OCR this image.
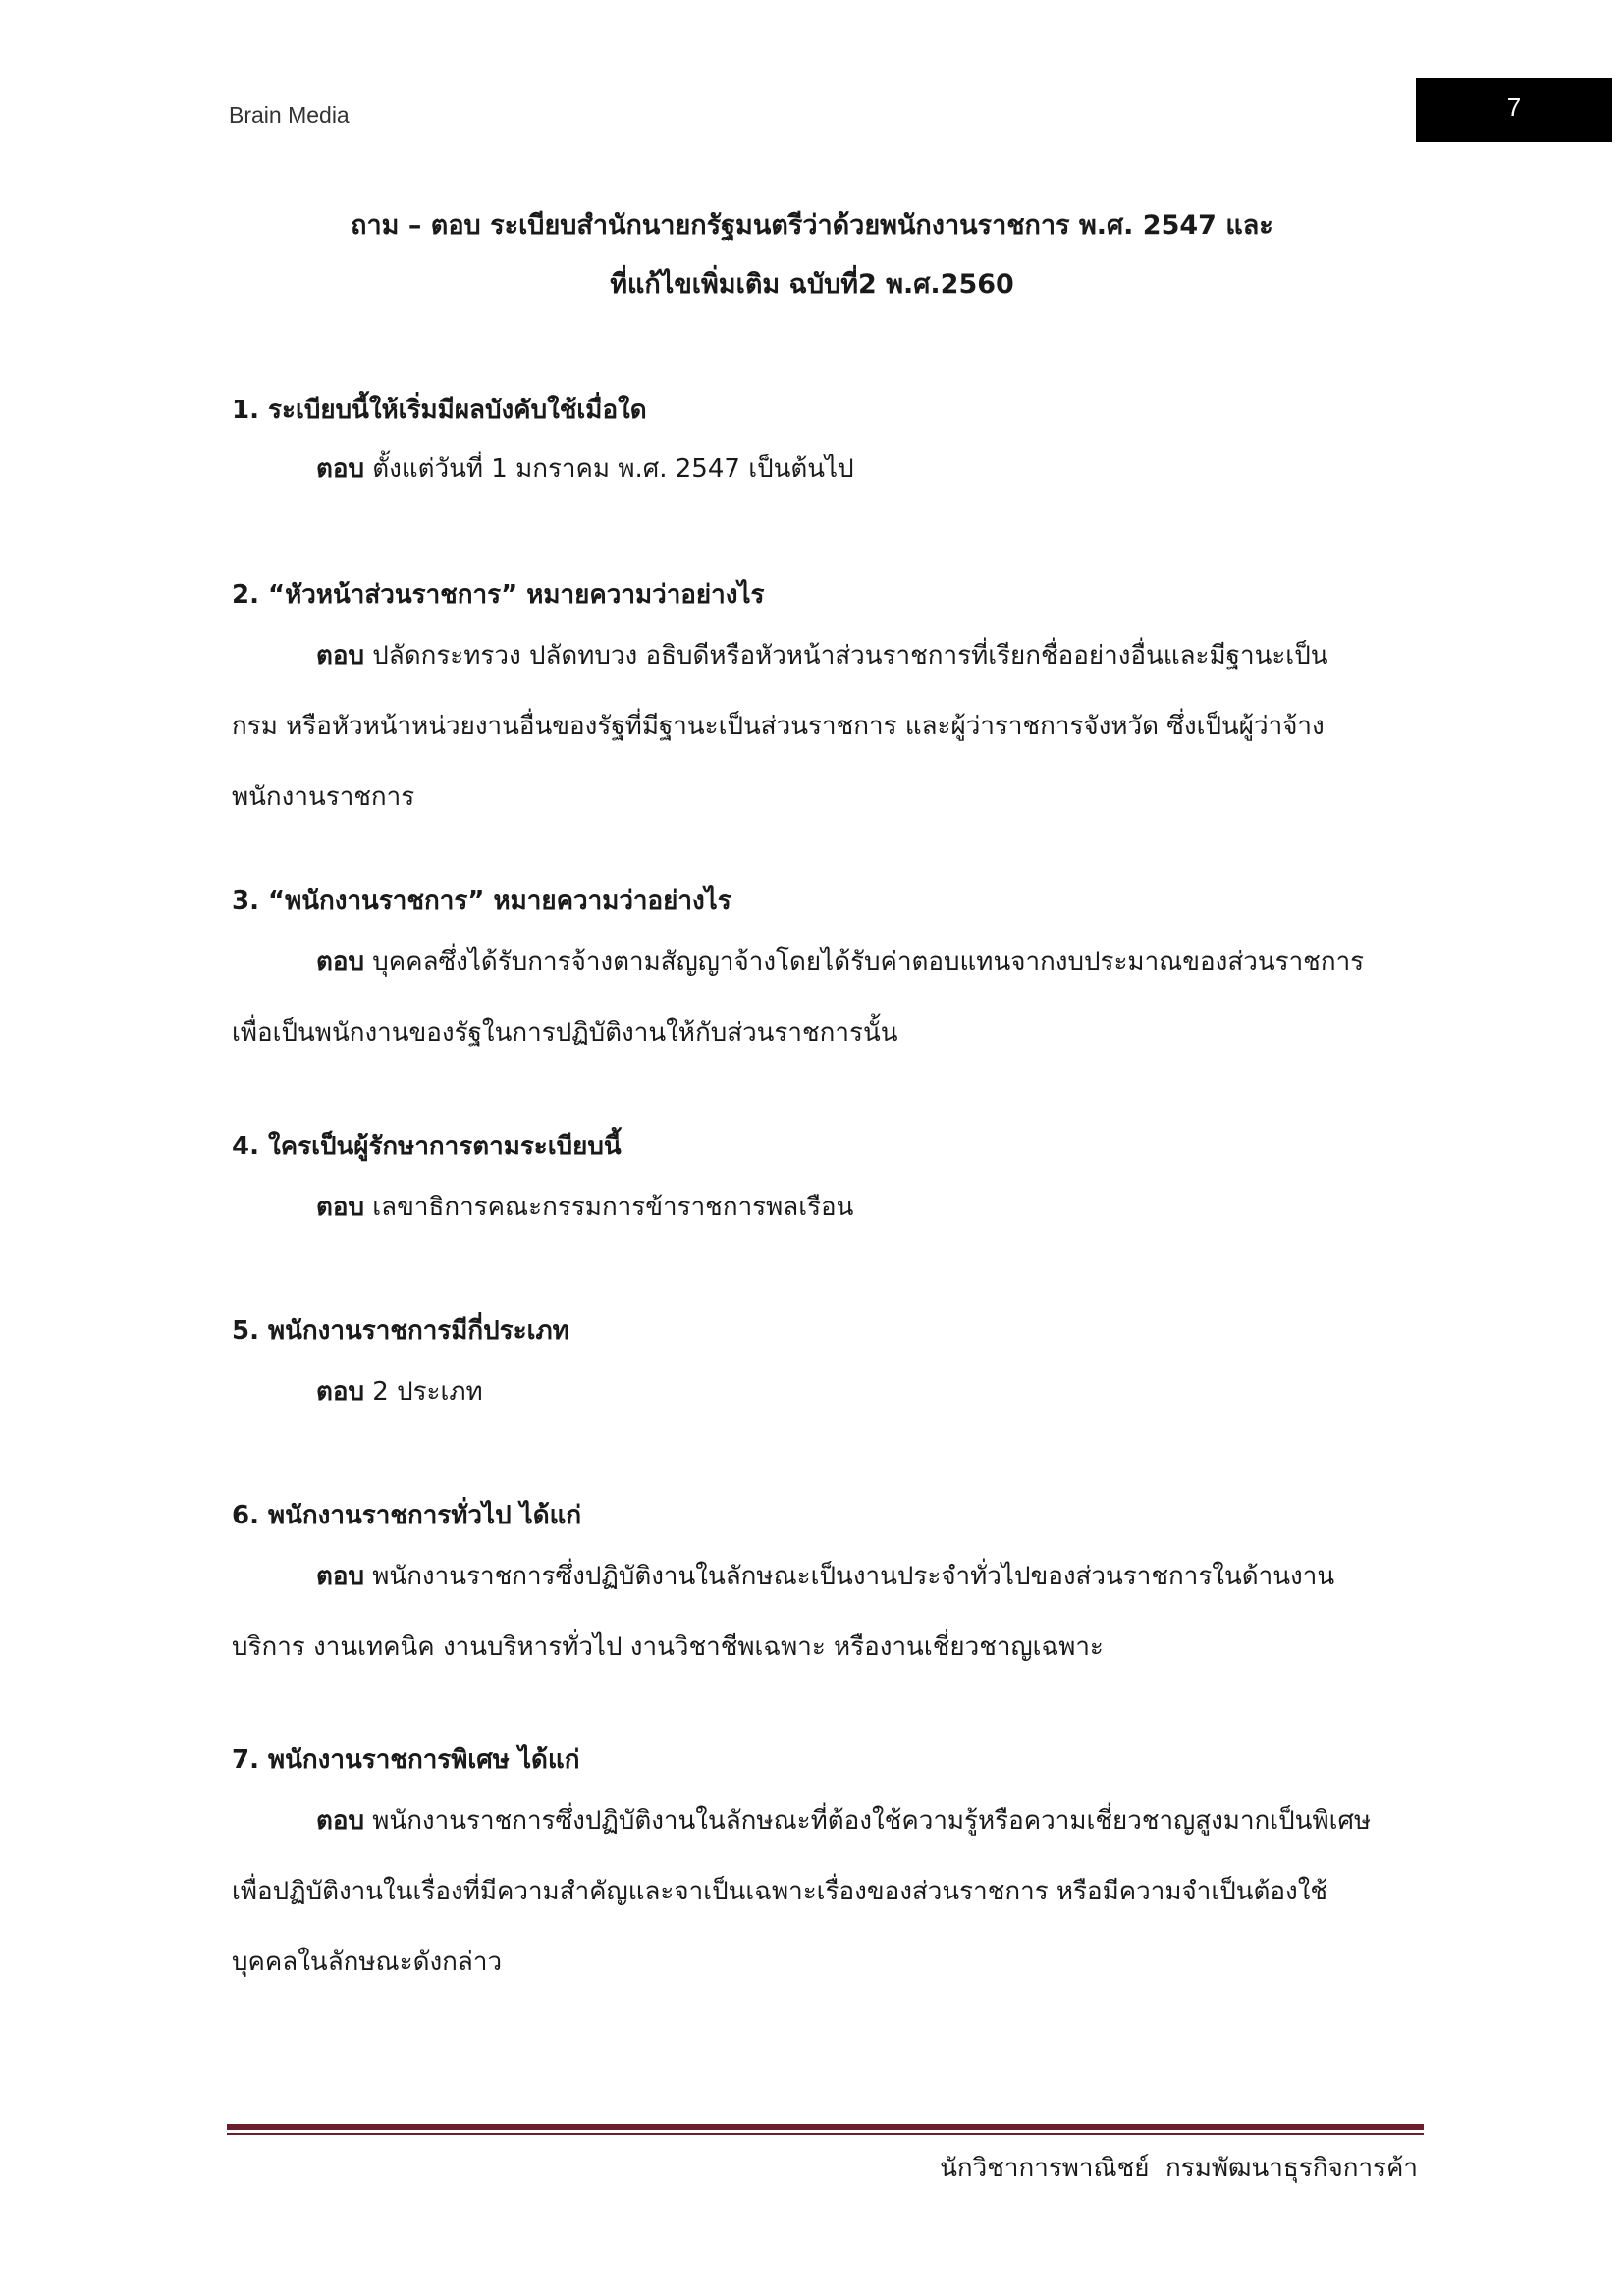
Brain Media	7
ถาม – ตอบ ระเบียบสำนักนายกรัฐมนตรีว่าด้วยพนักงานราชการ พ.ศ. 2547 และ
ที่แก้ไขเพิ่มเติม ฉบับที่2 พ.ศ.2560
1. ระเบียบนี้ให้เริ่มมีผลบังคับใช้เมื่อใด
ตอบ ตั้งแต่วันที่ 1 มกราคม พ.ศ. 2547 เป็นต้นไป
2. “หัวหน้าส่วนราชการ” หมายความว่าอย่างไร
ตอบ ปลัดกระทรวง ปลัดทบวง อธิบดีหรือหัวหน้าส่วนราชการที่เรียกชื่ออย่างอื่นและมีฐานะเป็น
กรม หรือหัวหน้าหน่วยงานอื่นของรัฐที่มีฐานะเป็นส่วนราชการ และผู้ว่าราชการจังหวัด ซึ่งเป็นผู้ว่าจ้าง
พนักงานราชการ
3. “พนักงานราชการ” หมายความว่าอย่างไร
ตอบ บุคคลซึ่งได้รับการจ้างตามสัญญาจ้างโดยได้รับค่าตอบแทนจากงบประมาณของส่วนราชการ
เพื่อเป็นพนักงานของรัฐในการปฏิบัติงานให้กับส่วนราชการนั้น
4. ใครเป็นผู้รักษาการตามระเบียบนี้
ตอบ เลขาธิการคณะกรรมการข้าราชการพลเรือน
5. พนักงานราชการมีกี่ประเภท
ตอบ 2 ประเภท
6. พนักงานราชการทั่วไป ได้แก่
ตอบ พนักงานราชการซึ่งปฏิบัติงานในลักษณะเป็นงานประจำทั่วไปของส่วนราชการในด้านงาน
บริการ งานเทคนิค งานบริหารทั่วไป งานวิชาชีพเฉพาะ หรืองานเชี่ยวชาญเฉพาะ
7. พนักงานราชการพิเศษ ได้แก่
ตอบ พนักงานราชการซึ่งปฏิบัติงานในลักษณะที่ต้องใช้ความรู้หรือความเชี่ยวชาญสูงมากเป็นพิเศษ
เพื่อปฏิบัติงานในเรื่องที่มีความสำคัญและจาเป็นเฉพาะเรื่องของส่วนราชการ หรือมีความจำเป็นต้องใช้
บุคคลในลักษณะดังกล่าว
นักวิชาการพาณิชย์  กรมพัฒนาธุรกิจการค้า
